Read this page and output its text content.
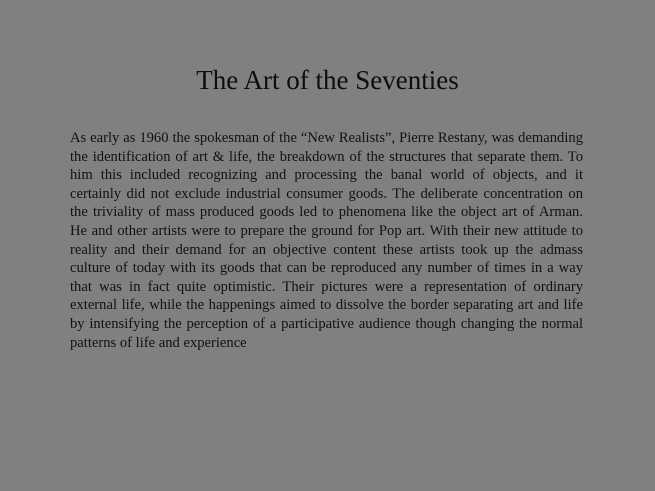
The Art of the Seventies

As early as 1960 the spokesman of the “New Realists”, Pierre Restany, was demanding the identification of art & life, the breakdown of the structures that separate them. To him this included recognizing and processing the banal world of objects, and it certainly did not exclude industrial consumer goods. The deliberate concentration on the triviality of mass produced goods led to phenomena like the object art of Arman. He and other artists were to prepare the ground for Pop art. With their new attitude to reality and their demand for an objective content these artists took up the admass culture of today with its goods that can be reproduced any number of times in a way that was in fact quite optimistic. Their pictures were a representation of ordinary external life, while the happenings aimed to dissolve the border separating art and life by intensifying the perception of a participative audience though changing the normal patterns of life and experience
